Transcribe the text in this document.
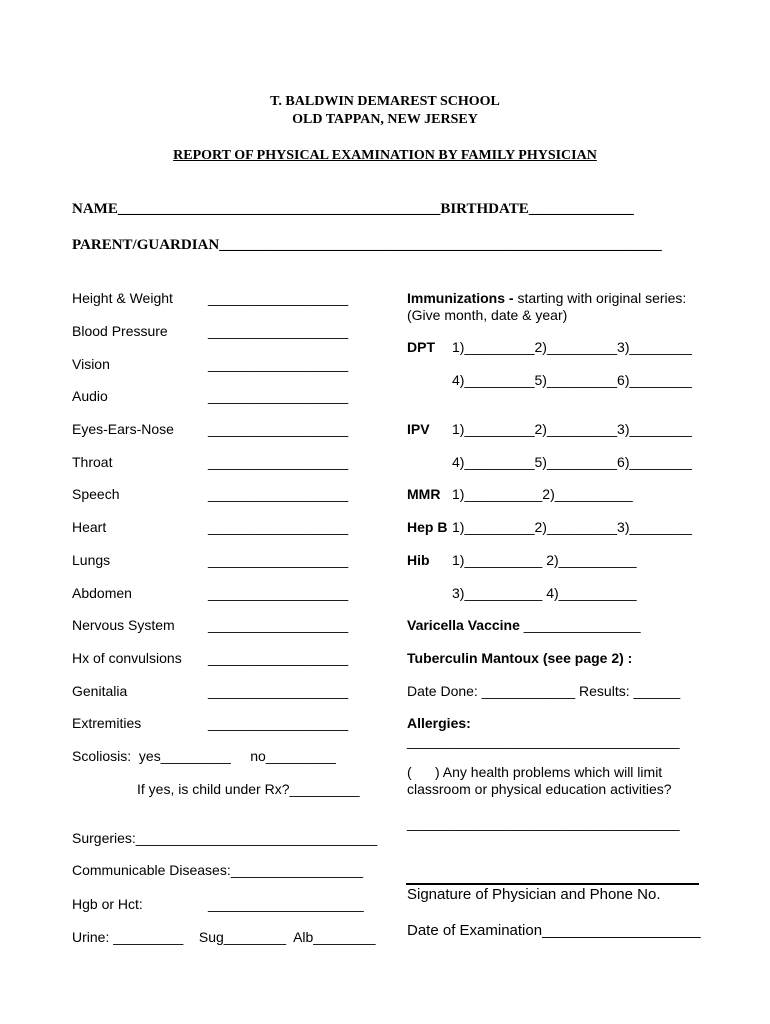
T. BALDWIN DEMAREST SCHOOL
OLD TAPPAN, NEW JERSEY
REPORT OF PHYSICAL EXAMINATION BY FAMILY PHYSICIAN
NAME___________________________________________BIRTHDATE______________
PARENT/GUARDIAN___________________________________________________________
Height & Weight	__________________
Blood Pressure	__________________
Vision	__________________
Audio	__________________
Eyes-Ears-Nose __________________
Throat	__________________
Speech	__________________
Heart	__________________
Lungs	__________________
Abdomen	__________________
Nervous System __________________
Hx of convulsions __________________
Genitalia	__________________
Extremities	__________________
Scoliosis:  yes_________     no_________
If yes, is child under Rx?_________
Surgeries:_______________________________
Communicable Diseases:_________________
Hgb or Hct:	____________________
Urine: _________    Sug________  Alb________
Immunizations - starting with original series:
(Give month, date & year)
DPT 1)_________2)_________3)________
4)_________5)_________6)________
IPV 1)_________2)_________3)________
4)_________5)_________6)________
MMR 1)__________2)__________
Hep B 1)_________2)_________3)________
Hib 1)__________ 2)__________
3)__________ 4)__________
Varicella Vaccine _______________
Tuberculin Mantoux (see page 2) :
Date Done: ____________ Results: ______
Allergies:
___________________________________
(      ) Any health problems which will limit
classroom or physical education activities?
___________________________________
Signature of Physician and Phone No.
Date of Examination___________________
